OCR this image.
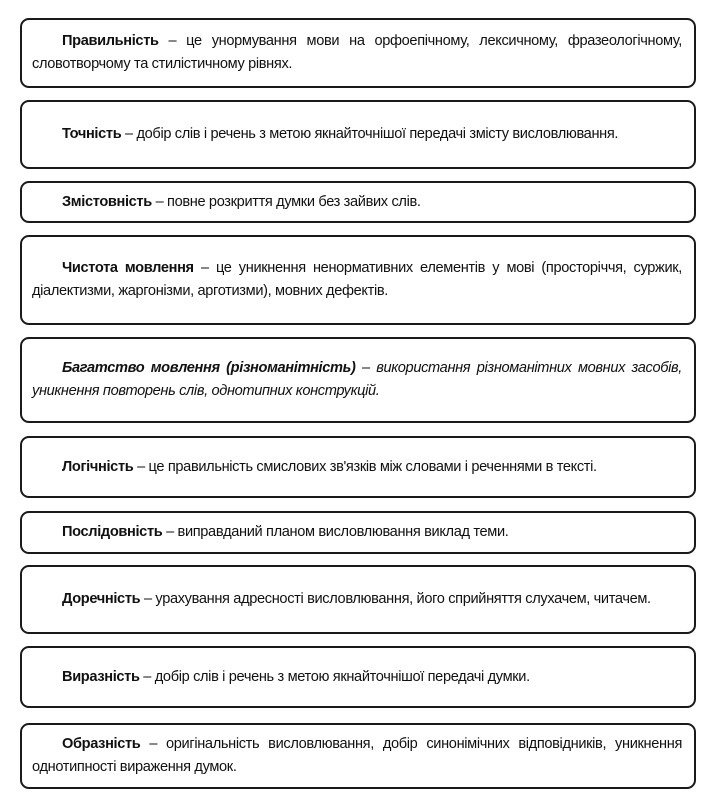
Правильність – це унормування мови на орфоепічному, лексичному, фразеологічному, словотворчому та стилістичному рівнях.

Точність – добір слів і речень з метою якнайточнішої передачі змісту висловлювання.

Змістовність – повне розкриття думки без зайвих слів.

Чистота мовлення – це уникнення ненормативних елементів у мові (просторіччя, суржик, діалектизми, жаргонізми, арготизми), мовних дефектів.

Багатство мовлення (різноманітність) – використання різноманітних мовних засобів, уникнення повторень слів, однотипних конструкцій.

Логічність – це правильність смислових зв'язків між словами і реченнями в тексті.

Послідовність – виправданий планом висловлювання виклад теми.

Доречність – урахування адресності висловлювання, його сприйняття слухачем, читачем.

Виразність – добір слів і речень з метою якнайточнішої передачі думки.

Образність – оригінальність висловлювання, добір синонімічних відповідників, уникнення однотипності вираження думок.
